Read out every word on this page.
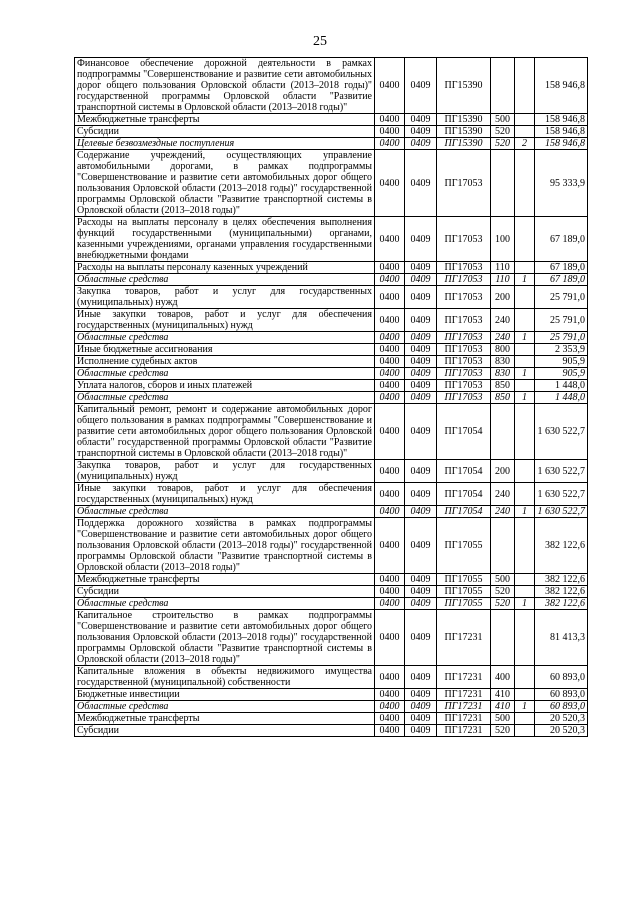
25
Финансовое обеспечение дорожной деятельности в рамках подпрограммы "Совершенствование и развитие сети автомобильных дорог общего пользования Орловской области (2013–2018 годы)" государственной программы Орловской области "Развитие транспортной системы в Орловской области (2013–2018 годы)"	0400	0409	ПГ15390			158 946,8
Межбюджетные трансферты	0400	0409	ПГ15390	500		158 946,8
Субсидии	0400	0409	ПГ15390	520		158 946,8
Целевые безвозмездные поступления	0400	0409	ПГ15390	520	2	158 946,8
Содержание учреждений, осуществляющих управление автомобильными дорогами, в рамках подпрограммы "Совершенствование и развитие сети автомобильных дорог общего пользования Орловской области (2013–2018 годы)" государственной программы Орловской области "Развитие транспортной системы в Орловской области (2013–2018 годы)"	0400	0409	ПГ17053			95 333,9
Расходы на выплаты персоналу в целях обеспечения выполнения функций государственными (муниципальными) органами, казенными учреждениями, органами управления государственными внебюджетными фондами	0400	0409	ПГ17053	100		67 189,0
Расходы на выплаты персоналу казенных учреждений	0400	0409	ПГ17053	110		67 189,0
Областные средства	0400	0409	ПГ17053	110	1	67 189,0
Закупка товаров, работ и услуг для государственных (муниципальных) нужд	0400	0409	ПГ17053	200		25 791,0
Иные закупки товаров, работ и услуг для обеспечения государственных (муниципальных) нужд	0400	0409	ПГ17053	240		25 791,0
Областные средства	0400	0409	ПГ17053	240	1	25 791,0
Иные бюджетные ассигнования	0400	0409	ПГ17053	800		2 353,9
Исполнение судебных актов	0400	0409	ПГ17053	830		905,9
Областные средства	0400	0409	ПГ17053	830	1	905,9
Уплата налогов, сборов и иных платежей	0400	0409	ПГ17053	850		1 448,0
Областные средства	0400	0409	ПГ17053	850	1	1 448,0
Капитальный ремонт, ремонт и содержание автомобильных дорог общего пользования в рамках подпрограммы "Совершенствование и развитие сети автомобильных дорог общего пользования Орловской области" государственной программы Орловской области "Развитие транспортной системы в Орловской области (2013–2018 годы)"	0400	0409	ПГ17054			1 630 522,7
Закупка товаров, работ и услуг для государственных (муниципальных) нужд	0400	0409	ПГ17054	200		1 630 522,7
Иные закупки товаров, работ и услуг для обеспечения государственных (муниципальных) нужд	0400	0409	ПГ17054	240		1 630 522,7
Областные средства	0400	0409	ПГ17054	240	1	1 630 522,7
Поддержка дорожного хозяйства в рамках подпрограммы "Совершенствование и развитие сети автомобильных дорог общего пользования Орловской области (2013–2018 годы)" государственной программы Орловской области "Развитие транспортной системы в Орловской области (2013–2018 годы)"	0400	0409	ПГ17055			382 122,6
Межбюджетные трансферты	0400	0409	ПГ17055	500		382 122,6
Субсидии	0400	0409	ПГ17055	520		382 122,6
Областные средства	0400	0409	ПГ17055	520	1	382 122,6
Капитальное строительство в рамках подпрограммы "Совершенствование и развитие сети автомобильных дорог общего пользования Орловской области (2013–2018 годы)" государственной программы Орловской области "Развитие транспортной системы в Орловской области (2013–2018 годы)"	0400	0409	ПГ17231			81 413,3
Капитальные вложения в объекты недвижимого имущества государственной (муниципальной) собственности	0400	0409	ПГ17231	400		60 893,0
Бюджетные инвестиции	0400	0409	ПГ17231	410		60 893,0
Областные средства	0400	0409	ПГ17231	410	1	60 893,0
Межбюджетные трансферты	0400	0409	ПГ17231	500		20 520,3
Субсидии	0400	0409	ПГ17231	520		20 520,3
